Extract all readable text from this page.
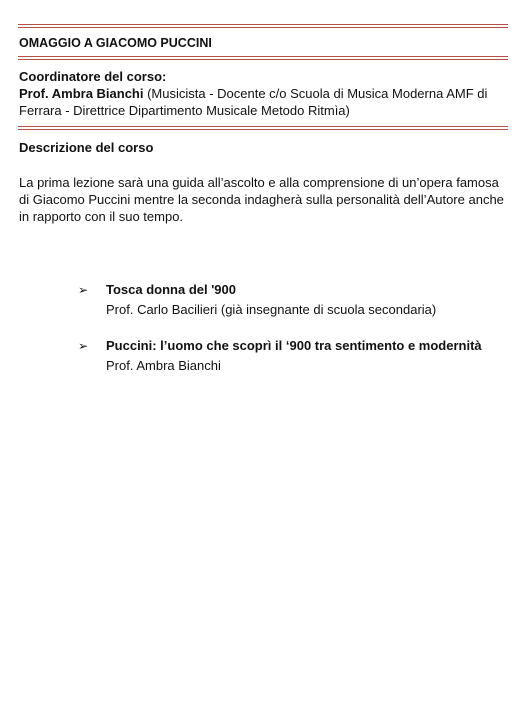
OMAGGIO A GIACOMO PUCCINI
Coordinatore del corso:
Prof. Ambra Bianchi (Musicista - Docente c/o Scuola di Musica Moderna AMF di Ferrara - Direttrice Dipartimento Musicale Metodo Ritmìa)
Descrizione del corso
La prima lezione sarà una guida all’ascolto e alla comprensione di un’opera famosa di Giacomo Puccini mentre la seconda indagherà sulla personalità dell’Autore anche in rapporto con il suo tempo.
➢ Tosca donna del '900
Prof. Carlo Bacilieri (già insegnante di scuola secondaria)
➢ Puccini: l’uomo che scoprì il ‘900 tra sentimento e modernità
Prof. Ambra Bianchi
